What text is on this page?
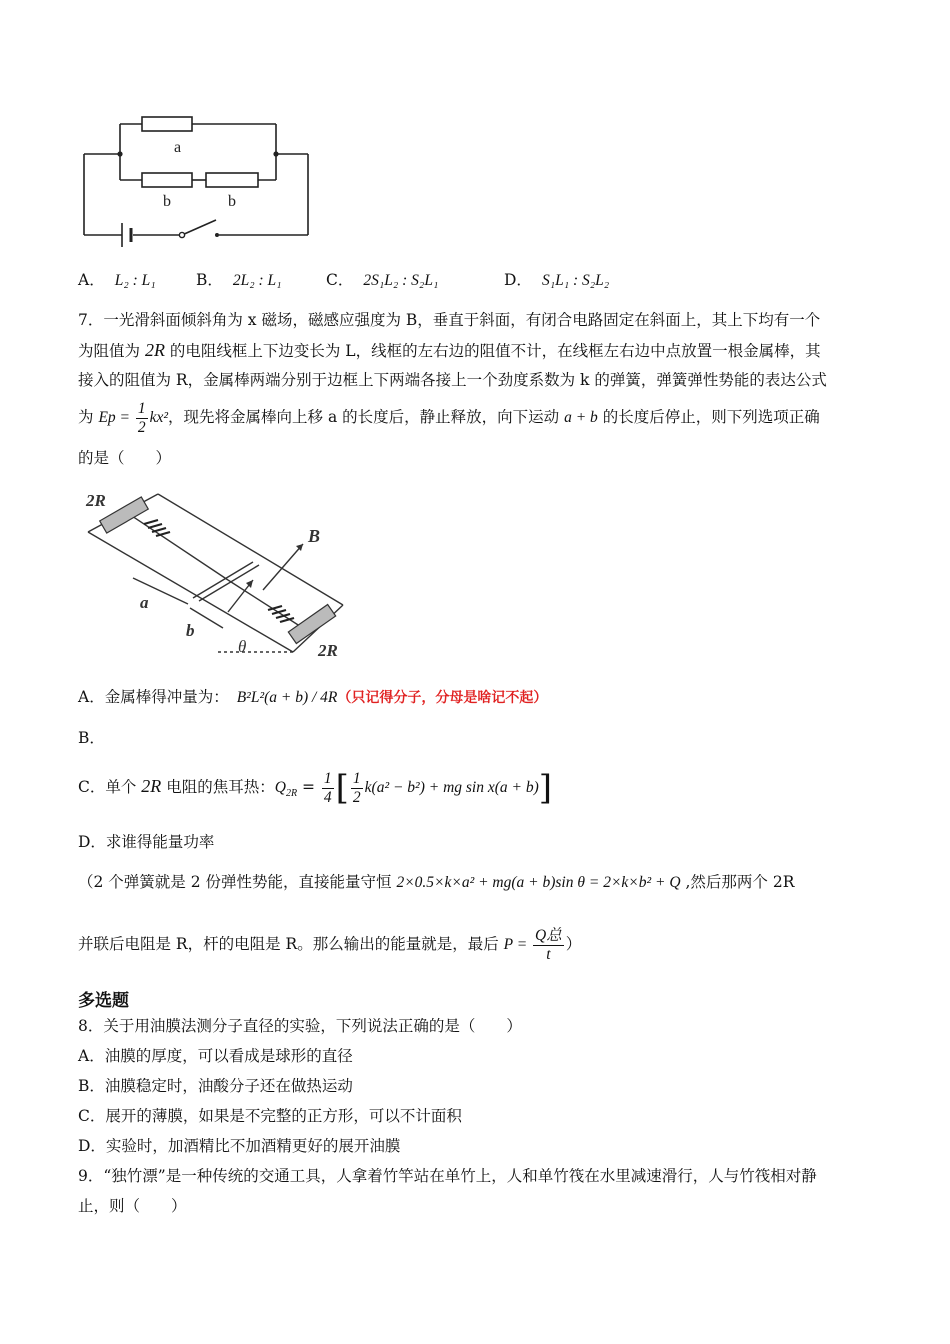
a
b	b
A． L₂ : L₁	B． 2L₂ : L₁	C． 2S₁L₂ : S₂L₁	D． S₁L₁ : S₂L₂
7．一光滑斜面倾斜角为 x 磁场，磁感应强度为 B，垂直于斜面，有闭合电路固定在斜面上，其上下均有一个
为阻值为 2R 的电阻线框上下边变长为 L，线框的左右边的阻值不计，在线框左右边中点放置一根金属棒，其
接入的阻值为 R，金属棒两端分别于边框上下两端各接上一个劲度系数为 k 的弹簧，弹簧弹性势能的表达公式
为 $Ep = \frac{1}{2} kx^2$，现先将金属棒向上移 a 的长度后，静止释放，向下运动 a + b 的长度后停止，则下列选项正确
的是（　　）
2R
2R
B
a
b
θ
A．金属棒得冲量为： B²L²(a + b) / 4R（只记得分子，分母是啥记不起）
B．
C．单个 2R 电阻的焦耳热：$Q_{2R} = \frac{1}{4}$ [ $\frac{1}{2} k(a^2 - b^2)$ + mg sin x(a + b)]
D．求谁得能量功率
（2 个弹簧就是 2 份弹性势能，直接能量守恒 2×0.5×k×a² + mg(a + b)sin θ = 2×k×b² + Q ,然后那两个 2R
并联后电阻是 R，杆的电阻是 R。那么输出的能量就是，最后 $P = \frac{\text{Q总}}{t}$ ）
多选题
8．关于用油膜法测分子直径的实验，下列说法正确的是（　　）
A．油膜的厚度，可以看成是球形的直径
B．油膜稳定时，油酸分子还在做热运动
C．展开的薄膜，如果是不完整的正方形，可以不计面积
D．实验时，加酒精比不加酒精更好的展开油膜
9．“独竹漂”是一种传统的交通工具，人拿着竹竿站在单竹上，人和单竹筏在水里减速滑行，人与竹筏相对静
止，则（　　）
